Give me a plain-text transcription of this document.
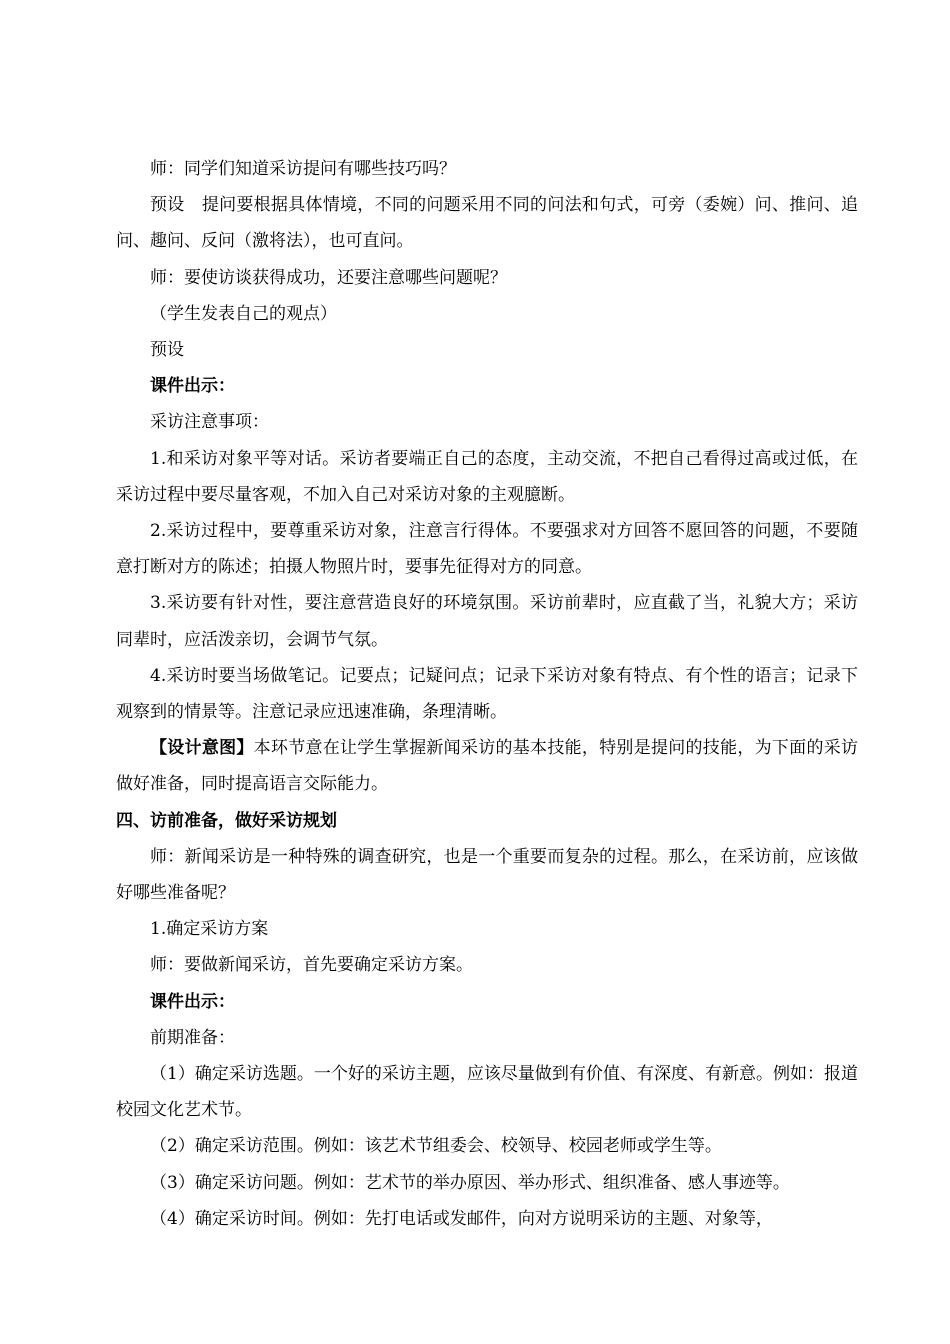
师：同学们知道采访提问有哪些技巧吗？

预设　提问要根据具体情境，不同的问题采用不同的问法和句式，可旁（委婉）问、推问、追问、趣问、反问（激将法），也可直问。

师：要使访谈获得成功，还要注意哪些问题呢？

（学生发表自己的观点）

预设

课件出示：

采访注意事项：

1.和采访对象平等对话。采访者要端正自己的态度，主动交流，不把自己看得过高或过低，在采访过程中要尽量客观，不加入自己对采访对象的主观臆断。

2.采访过程中，要尊重采访对象，注意言行得体。不要强求对方回答不愿回答的问题，不要随意打断对方的陈述；拍摄人物照片时，要事先征得对方的同意。

3.采访要有针对性，要注意营造良好的环境氛围。采访前辈时，应直截了当，礼貌大方；采访同辈时，应活泼亲切，会调节气氛。

4.采访时要当场做笔记。记要点；记疑问点；记录下采访对象有特点、有个性的语言；记录下观察到的情景等。注意记录应迅速准确，条理清晰。

【设计意图】本环节意在让学生掌握新闻采访的基本技能，特别是提问的技能，为下面的采访做好准备，同时提高语言交际能力。

四、访前准备，做好采访规划

师：新闻采访是一种特殊的调查研究，也是一个重要而复杂的过程。那么，在采访前，应该做好哪些准备呢？

1.确定采访方案

师：要做新闻采访，首先要确定采访方案。

课件出示：

前期准备：

（1）确定采访选题。一个好的采访主题，应该尽量做到有价值、有深度、有新意。例如：报道校园文化艺术节。

（2）确定采访范围。例如：该艺术节组委会、校领导、校园老师或学生等。

（3）确定采访问题。例如：艺术节的举办原因、举办形式、组织准备、感人事迹等。

（4）确定采访时间。例如：先打电话或发邮件，向对方说明采访的主题、对象等，
